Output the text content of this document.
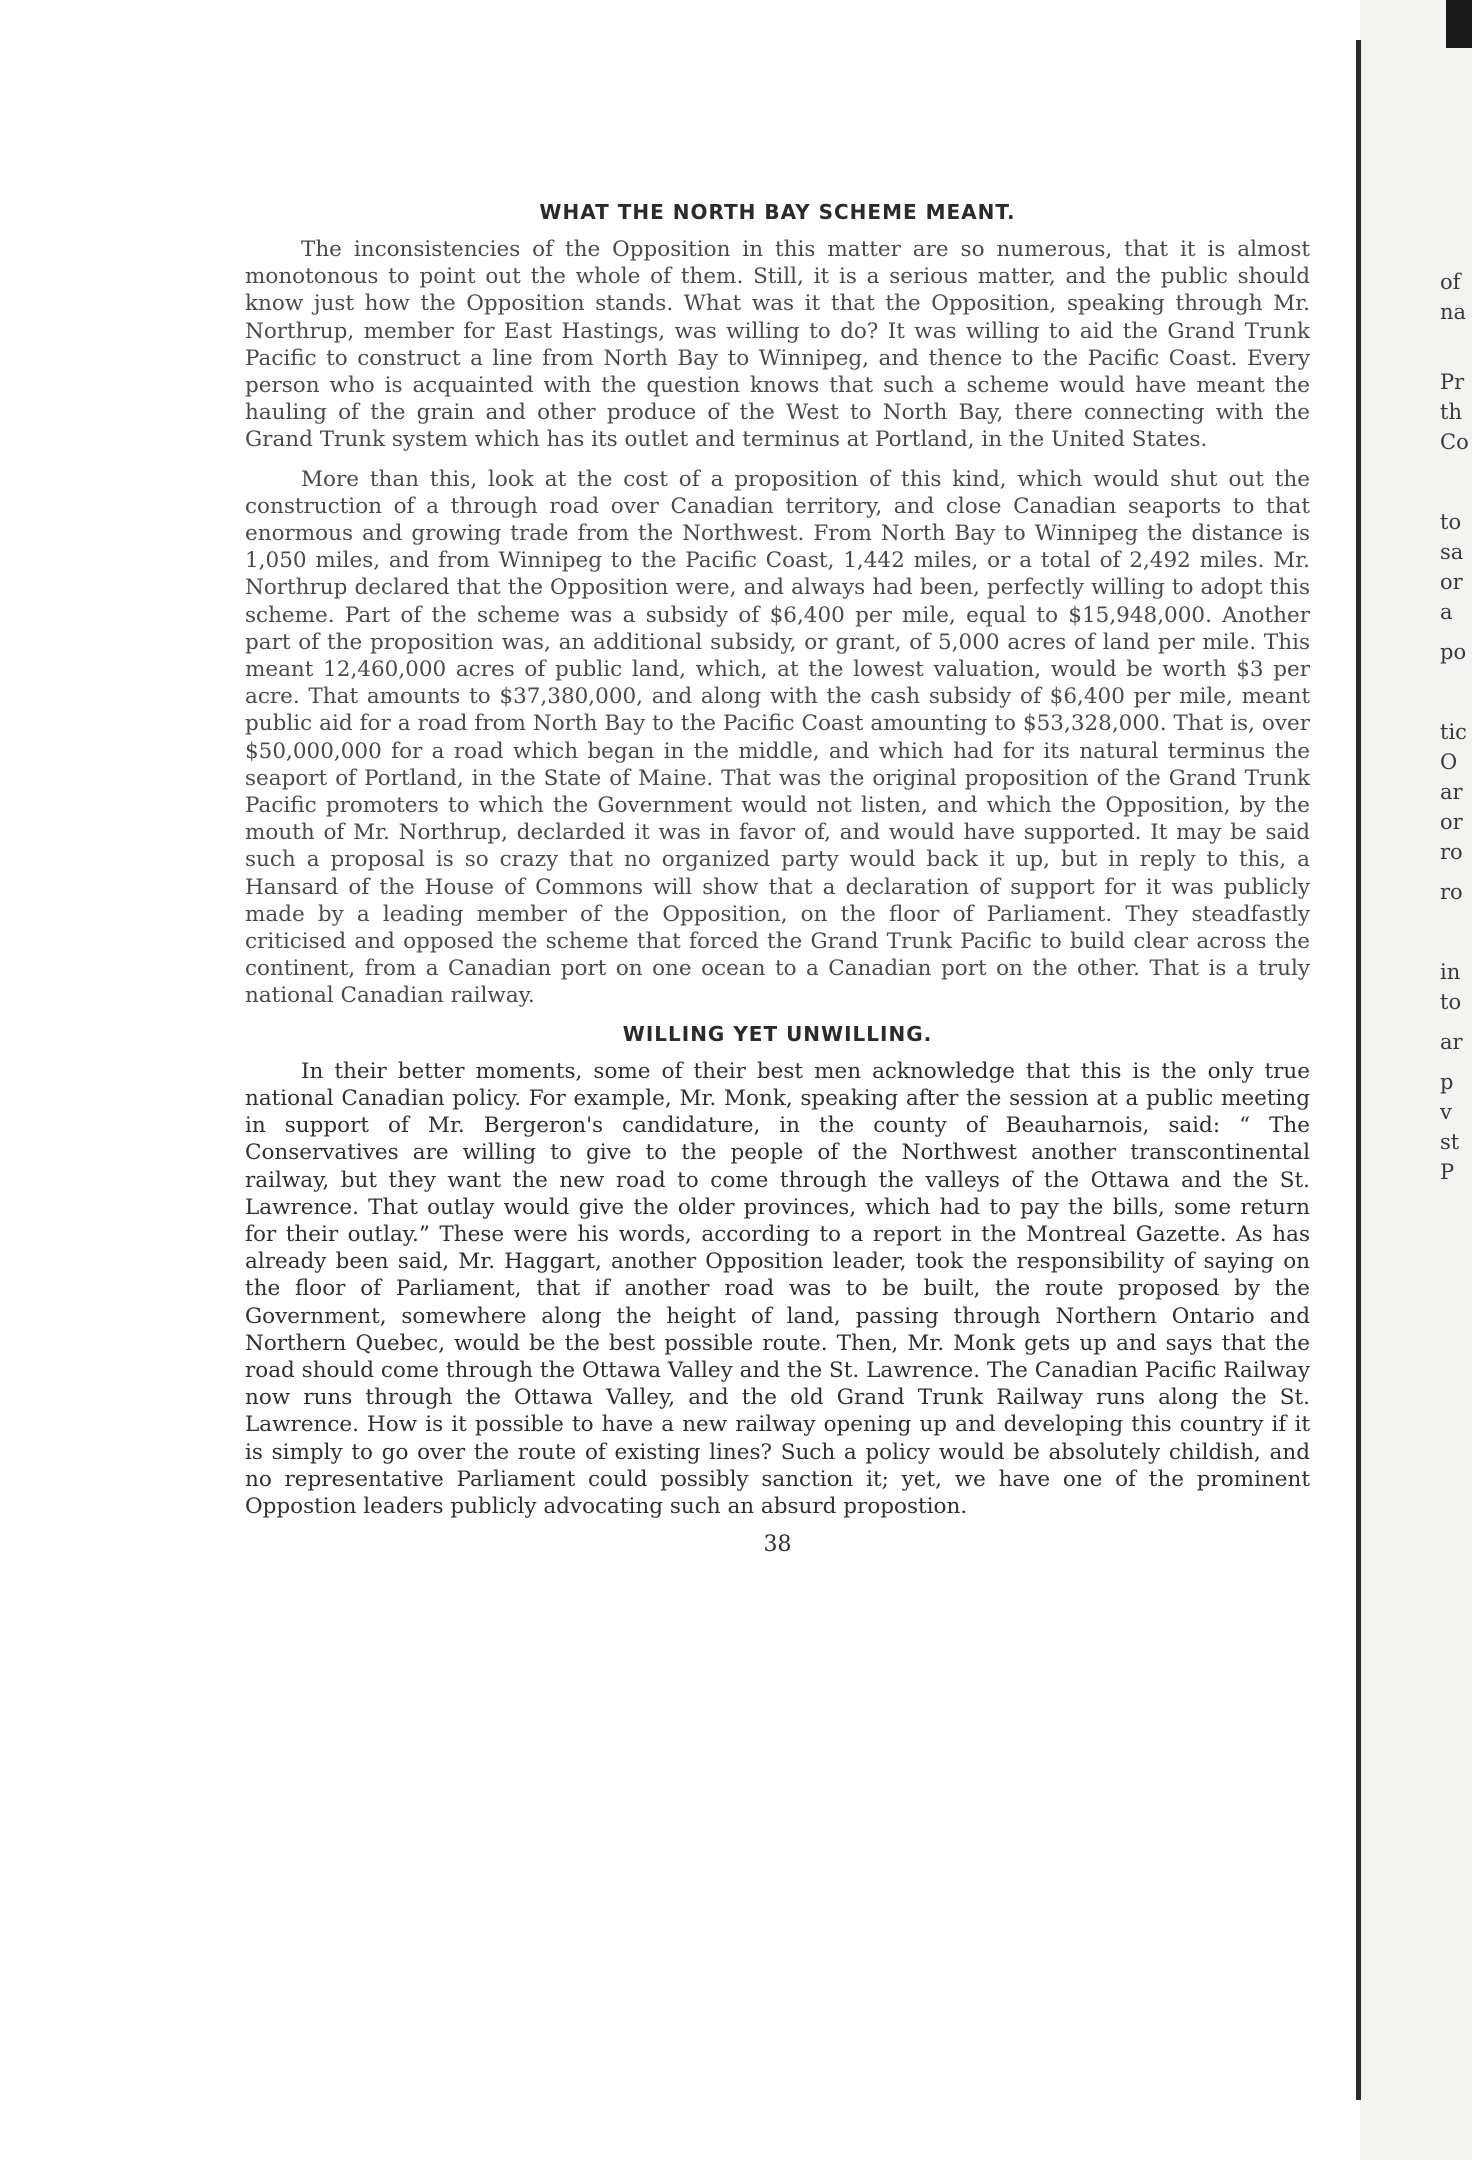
WHAT THE NORTH BAY SCHEME MEANT.

The inconsistencies of the Opposition in this matter are so numerous, that it is almost monotonous to point out the whole of them. Still, it is a serious matter, and the public should know just how the Opposition stands. What was it that the Opposition, speaking through Mr. Northrup, member for East Hastings, was willing to do? It was willing to aid the Grand Trunk Pacific to construct a line from North Bay to Winnipeg, and thence to the Pacific Coast. Every person who is acquainted with the question knows that such a scheme would have meant the hauling of the grain and other produce of the West to North Bay, there connecting with the Grand Trunk system which has its outlet and terminus at Portland, in the United States.

More than this, look at the cost of a proposition of this kind, which would shut out the construction of a through road over Canadian territory, and close Canadian seaports to that enormous and growing trade from the Northwest. From North Bay to Winnipeg the distance is 1,050 miles, and from Winnipeg to the Pacific Coast, 1,442 miles, or a total of 2,492 miles. Mr. Northrup declared that the Opposition were, and always had been, perfectly willing to adopt this scheme. Part of the scheme was a subsidy of $6,400 per mile, equal to $15,948,000. Another part of the proposition was, an additional subsidy, or grant, of 5,000 acres of land per mile. This meant 12,460,000 acres of public land, which, at the lowest valuation, would be worth $3 per acre. That amounts to $37,380,000, and along with the cash subsidy of $6,400 per mile, meant public aid for a road from North Bay to the Pacific Coast amounting to $53,328,000. That is, over $50,000,000 for a road which began in the middle, and which had for its natural terminus the seaport of Portland, in the State of Maine. That was the original proposition of the Grand Trunk Pacific promoters to which the Government would not listen, and which the Opposition, by the mouth of Mr. Northrup, declarded it was in favor of, and would have supported. It may be said such a proposal is so crazy that no organized party would back it up, but in reply to this, a Hansard of the House of Commons will show that a declaration of support for it was publicly made by a leading member of the Opposition, on the floor of Parliament. They steadfastly criticised and opposed the scheme that forced the Grand Trunk Pacific to build clear across the continent, from a Canadian port on one ocean to a Canadian port on the other. That is a truly national Canadian railway.

WILLING YET UNWILLING.

In their better moments, some of their best men acknowledge that this is the only true national Canadian policy. For example, Mr. Monk, speaking after the session at a public meeting in support of Mr. Bergeron's candidature, in the county of Beauharnois, said: “ The Conservatives are willing to give to the people of the Northwest another transcontinental railway, but they want the new road to come through the valleys of the Ottawa and the St. Lawrence. That outlay would give the older provinces, which had to pay the bills, some return for their outlay.” These were his words, according to a report in the Montreal Gazette. As has already been said, Mr. Haggart, another Opposition leader, took the responsibility of saying on the floor of Parliament, that if another road was to be built, the route proposed by the Government, somewhere along the height of land, passing through Northern Ontario and Northern Quebec, would be the best possible route. Then, Mr. Monk gets up and says that the road should come through the Ottawa Valley and the St. Lawrence. The Canadian Pacific Railway now runs through the Ottawa Valley, and the old Grand Trunk Railway runs along the St. Lawrence. How is it possible to have a new railway opening up and developing this country if it is simply to go over the route of existing lines? Such a policy would be absolutely childish, and no representative Parliament could possibly sanction it; yet, we have one of the prominent Oppostion leaders publicly advocating such an absurd propostion.

38
of
na
Pr
th
Co
to
sa
or
a
po
tic
O
ar
or
ro
ro
in
to
ar
p
v
st
P
